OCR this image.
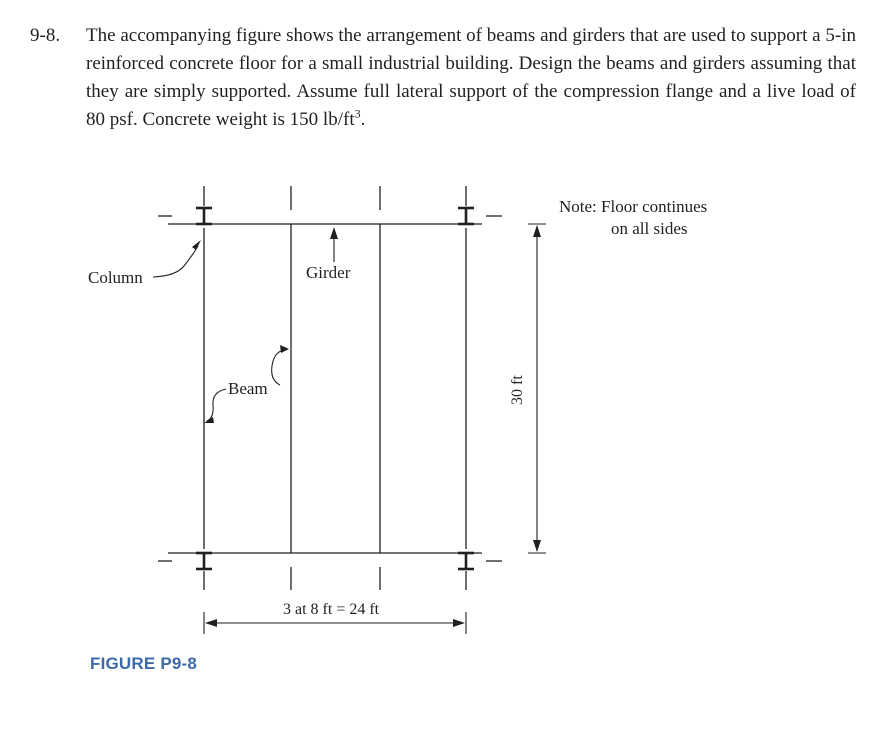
9-8. The accompanying figure shows the arrangement of beams and girders that are used to support a 5-in reinforced concrete floor for a small industrial building. Design the beams and girders assuming that they are simply supported. Assume full lateral support of the compression flange and a live load of 80 psf. Concrete weight is 150 $lb/ft^3$.

Column	Girder
Beam
3 at 8 ft = 24 ft
30 ft
Note: Floor continues
on all sides
FIGURE P9-8
